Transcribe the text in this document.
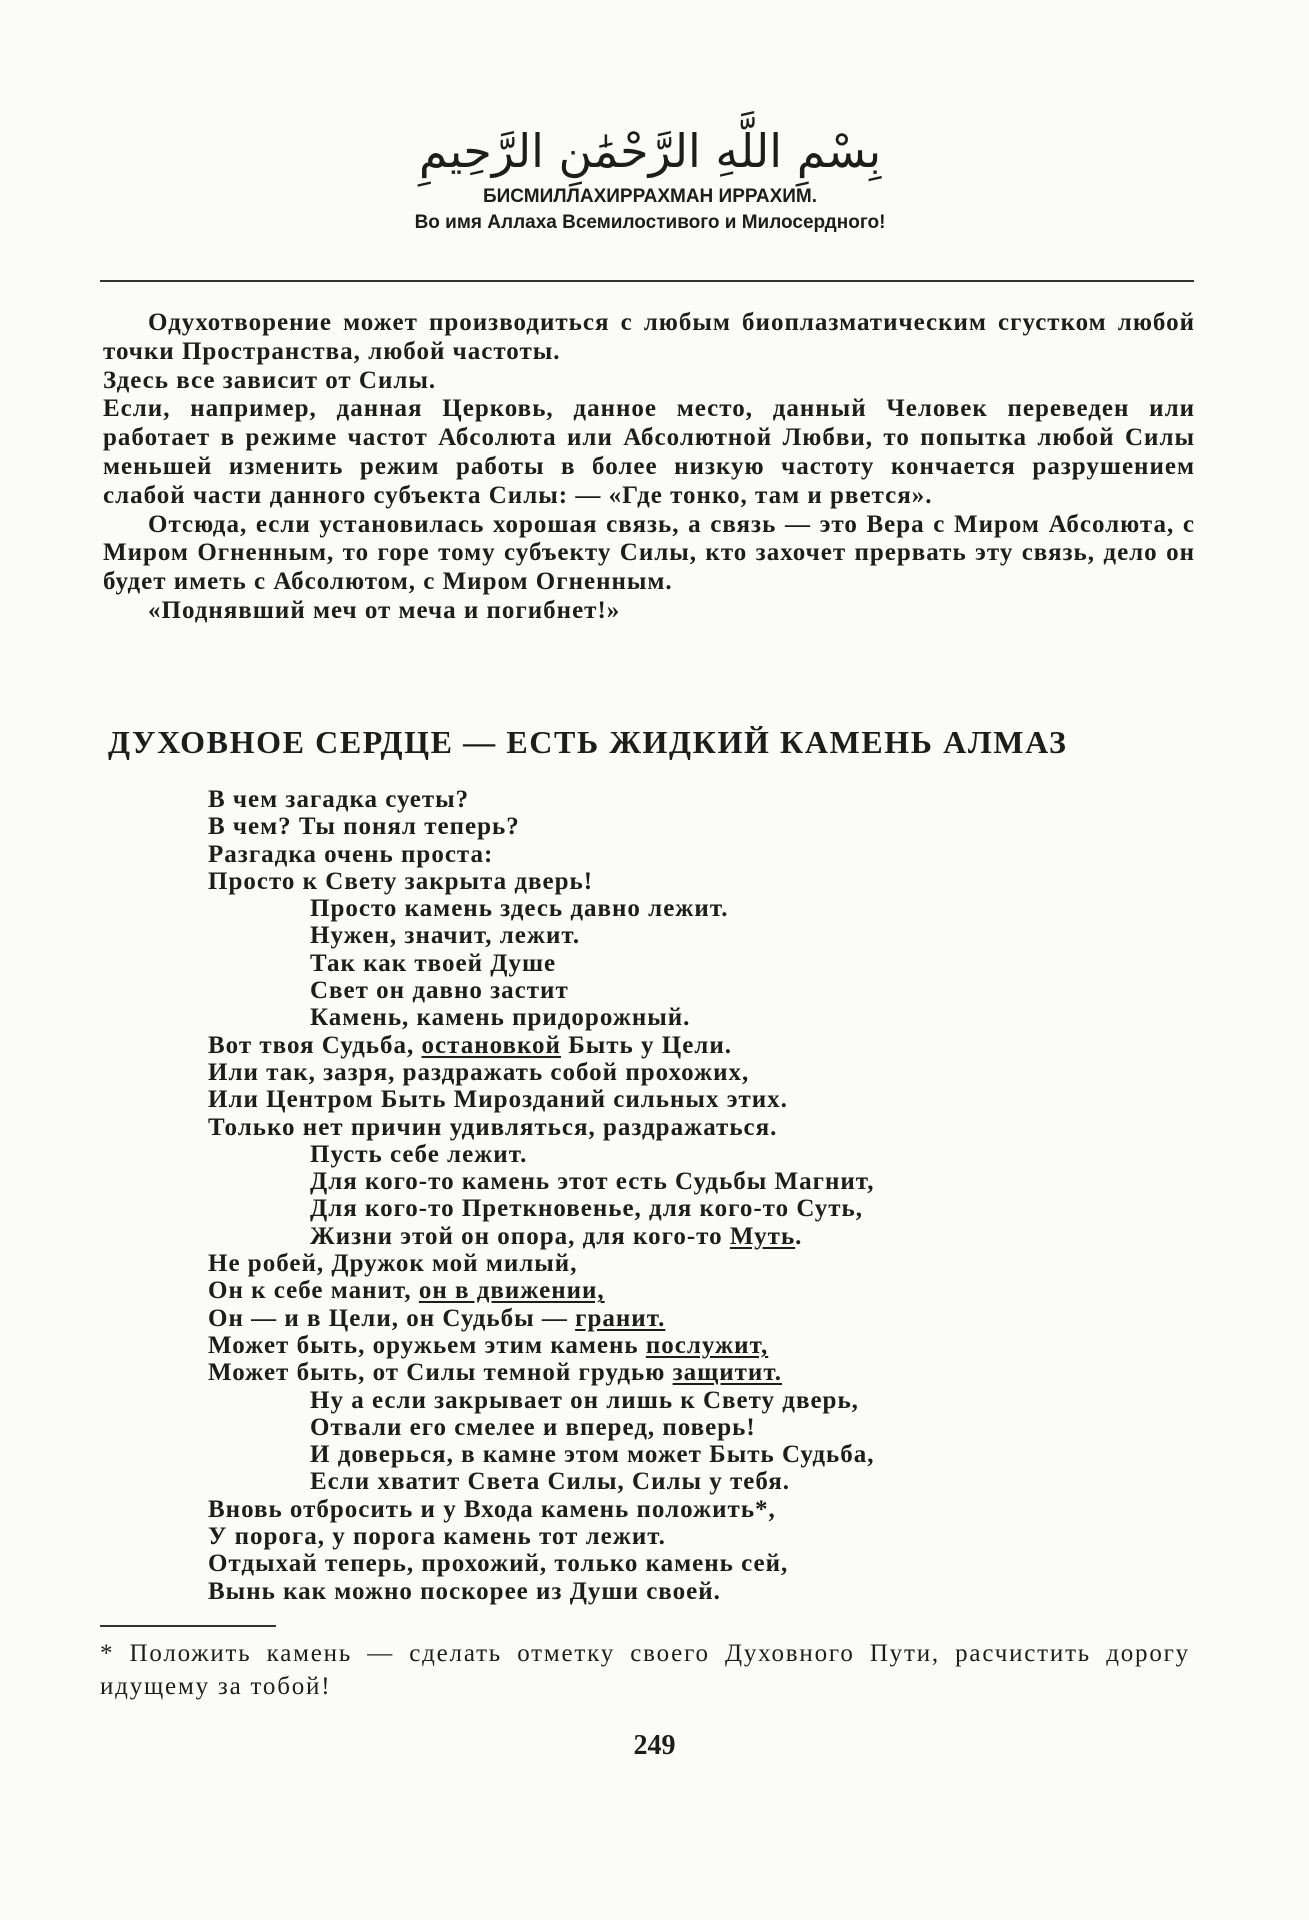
بِسْمِ اللَّهِ الرَّحْمَٰنِ الرَّحِيمِ
БИСМИЛЛАХИРРАХМАН ИРРАХИМ.
Во имя Аллаха Всемилостивого и Милосердного!

Одухотворение может производиться с любым биоплазматическим сгустком любой точки Пространства, любой частоты.

Здесь все зависит от Силы.

Если, например, данная Церковь, данное место, данный Человек переведен или работает в режиме частот Абсолюта или Абсолютной Любви, то попытка любой Силы меньшей изменить режим работы в более низкую частоту кончается разрушением слабой части данного субъекта Силы: — «Где тонко, там и рвется».

Отсюда, если установилась хорошая связь, а связь — это Вера с Миром Абсолюта, с Миром Огненным, то горе тому субъекту Силы, кто захочет прервать эту связь, дело он будет иметь с Абсолютом, с Миром Огненным.

«Поднявший меч от меча и погибнет!»

ДУХОВНОЕ СЕРДЦЕ — ЕСТЬ ЖИДКИЙ КАМЕНЬ АЛМАЗ
В чем загадка суеты?
В чем? Ты понял теперь?
Разгадка очень проста:
Просто к Свету закрыта дверь!
Просто камень здесь давно лежит.
Нужен, значит, лежит.
Так как твоей Душе
Свет он давно застит
Камень, камень придорожный.
Вот твоя Судьба, остановкой Быть у Цели.
Или так, зазря, раздражать собой прохожих,
Или Центром Быть Мирозданий сильных этих.
Только нет причин удивляться, раздражаться.
Пусть себе лежит.
Для кого-то камень этот есть Судьбы Магнит,
Для кого-то Преткновенье, для кого-то Суть,
Жизни этой он опора, для кого-то Муть.
Не робей, Дружок мой милый,
Он к себе манит, он в движении,
Он — и в Цели, он Судьбы — гранит.
Может быть, оружьем этим камень послужит,
Может быть, от Силы темной грудью защитит.
Ну а если закрывает он лишь к Свету дверь,
Отвали его смелее и вперед, поверь!
И доверься, в камне этом может Быть Судьба,
Если хватит Света Силы, Силы у тебя.
Вновь отбросить и у Входа камень положить*,
У порога, у порога камень тот лежит.
Отдыхай теперь, прохожий, только камень сей,
Вынь как можно поскорее из Души своей.
* Положить камень — сделать отметку своего Духовного Пути, расчистить дорогу идущему за тобой!
249
